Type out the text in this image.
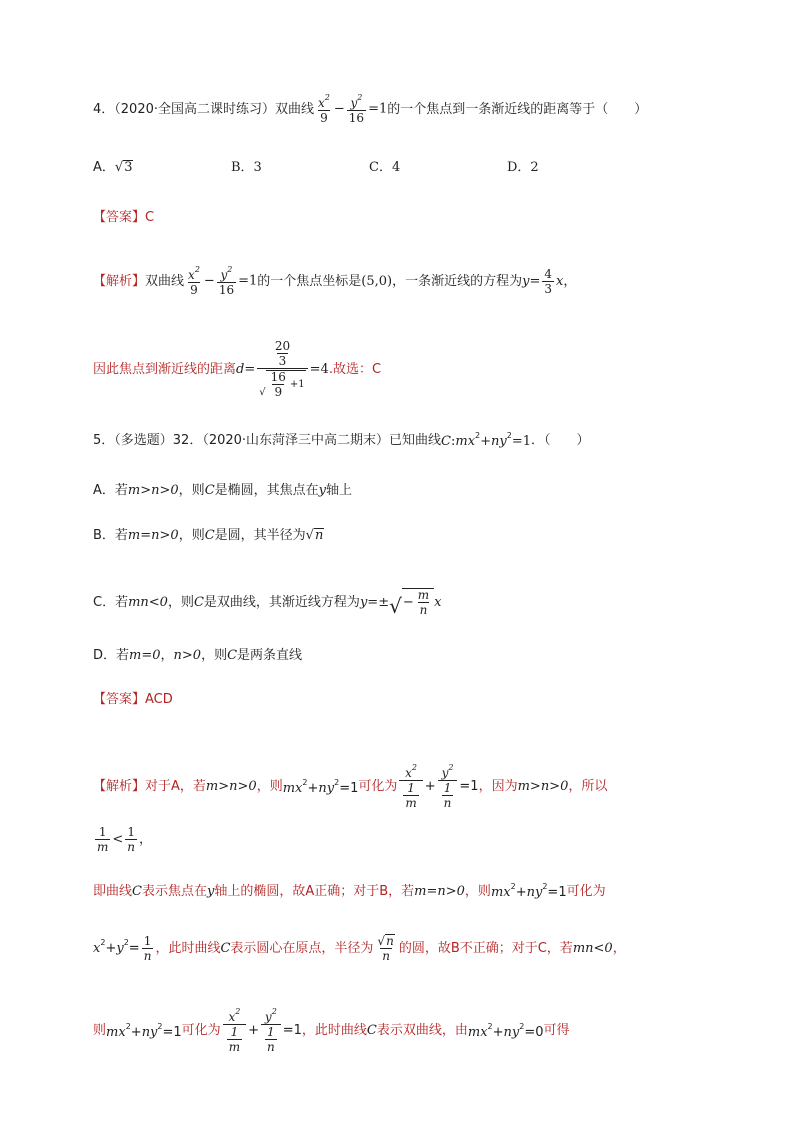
4．（2020·全国高二课时练习）双曲线 $\frac{x^2}{9} - \frac{y^2}{16} =1$ 的一个焦点到一条渐近线的距离等于（　　）
A． √ 3	B．3	C．4	D．2
【答案】 C
【解析】 双曲线 $\frac{x^2}{9} - \frac{y^2}{16} =1$ 的一个焦点坐标是 (5,0) ，一条渐近线的方程为 $y= \frac{4}{3}$ x ，
因此焦点到渐近线的距离 $d = \frac{\frac{20}{3}}{√ \frac{16}{9} +1} =4$ .故选：C
5．（多选题）32．（2020·山东菏泽三中高二期末）已知曲线 $C:mx^2+ny^2=1$ ．（　　）
A．若 m>n>0 ，则 C 是椭圆，其焦点在 y 轴上
B．若 m=n>0 ，则 C 是圆，其半径为 √ n
C．若 mn<0 ，则 C 是双曲线，其渐近线方程为 y =± √ − $\frac{m}{n}$ x
D．若 m=0 ， n>0 ，则 C 是两条直线
【答案】 ACD
【解析】 对于A，若 m>n>0 ，则 $mx^2+ny^2=1$ 可化为 $\frac{x^2}{\frac{1}{m}} + \frac{y^2}{\frac{1}{n}} =1$ ，因为 m>n>0 ，所以
$\frac{1}{m} < \frac{1}{n}$ ，
即曲线 C 表示焦点在 y 轴上的椭圆，故A正确；对于B，若 m=n>0 ，则 $mx^2+ny^2=1$ 可化为
$x^2+y^2= \frac{1}{n}$ ，此时曲线 C 表示圆心在原点，半径为 $\frac{√ n}{n}$ 的圆，故B不正确；对于C，若 mn<0 ，
则 $mx^2+ny^2=1$ 可化为 $\frac{x^2}{\frac{1}{m}} + \frac{y^2}{\frac{1}{n}} =1$ ，此时曲线 C 表示双曲线，由 $mx^2+ny^2=0$ 可得
